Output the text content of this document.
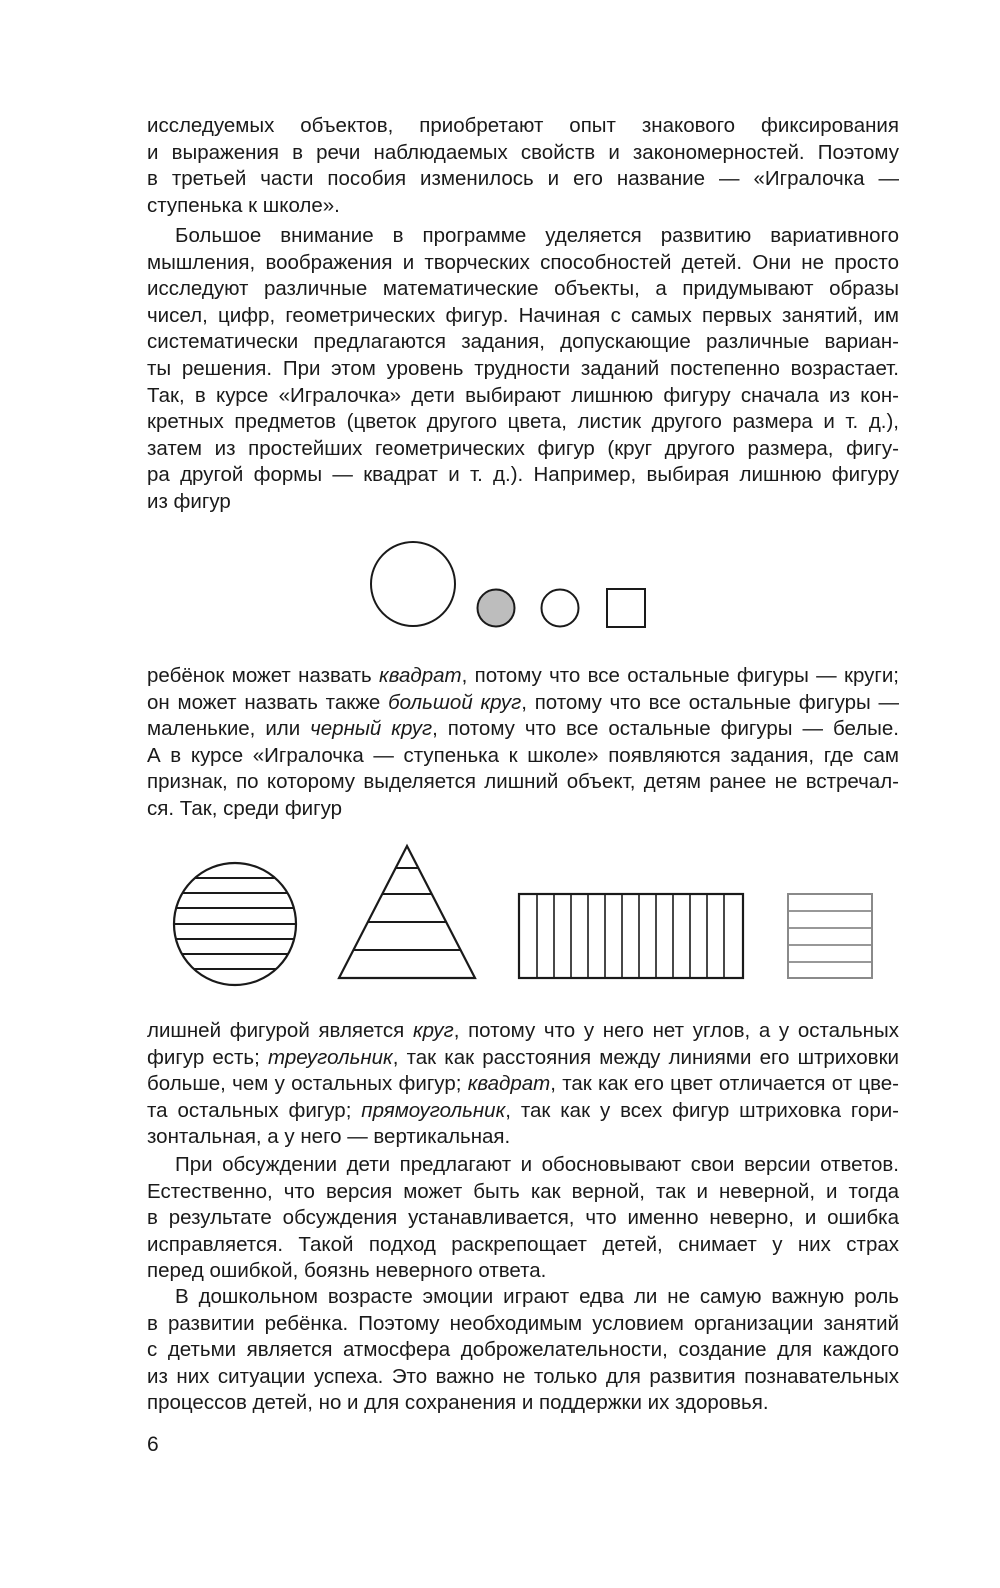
исследуемых объектов, приобретают опыт знакового фиксирования
и выражения в речи наблюдаемых свойств и закономерностей. Поэтому
в третьей части пособия изменилось и его название — «Игралочка —
ступенька к школе».
Большое внимание в программе уделяется развитию вариативного
мышления, воображения и творческих способностей детей. Они не просто
исследуют различные математические объекты, а придумывают образы
чисел, цифр, геометрических фигур. Начиная с самых первых занятий, им
систематически предлагаются задания, допускающие различные вариан-
ты решения. При этом уровень трудности заданий постепенно возрастает.
Так, в курсе «Игралочка» дети выбирают лишнюю фигуру сначала из кон-
кретных предметов (цветок другого цвета, листик другого размера и т. д.),
затем из простейших геометрических фигур (круг другого размера, фигу-
ра другой формы — квадрат и т. д.). Например, выбирая лишнюю фигуру
из фигур
ребёнок может назвать квадрат, потому что все остальные фигуры — круги;
он может назвать также большой круг, потому что все остальные фигуры —
маленькие, или черный круг, потому что все остальные фигуры — белые.
А в курсе «Игралочка — ступенька к школе» появляются задания, где сам
признак, по которому выделяется лишний объект, детям ранее не встречал-
ся. Так, среди фигур
лишней фигурой является круг, потому что у него нет углов, а у остальных
фигур есть; треугольник, так как расстояния между линиями его штриховки
больше, чем у остальных фигур; квадрат, так как его цвет отличается от цве-
та остальных фигур; прямоугольник, так как у всех фигур штриховка гори-
зонтальная, а у него — вертикальная.
При обсуждении дети предлагают и обосновывают свои версии ответов.
Естественно, что версия может быть как верной, так и неверной, и тогда
в результате обсуждения устанавливается, что именно неверно, и ошибка
исправляется. Такой подход раскрепощает детей, снимает у них страх
перед ошибкой, боязнь неверного ответа.
В дошкольном возрасте эмоции играют едва ли не самую важную роль
в развитии ребёнка. Поэтому необходимым условием организации занятий
с детьми является атмосфера доброжелательности, создание для каждого
из них ситуации успеха. Это важно не только для развития познавательных
процессов детей, но и для сохранения и поддержки их здоровья.
6
